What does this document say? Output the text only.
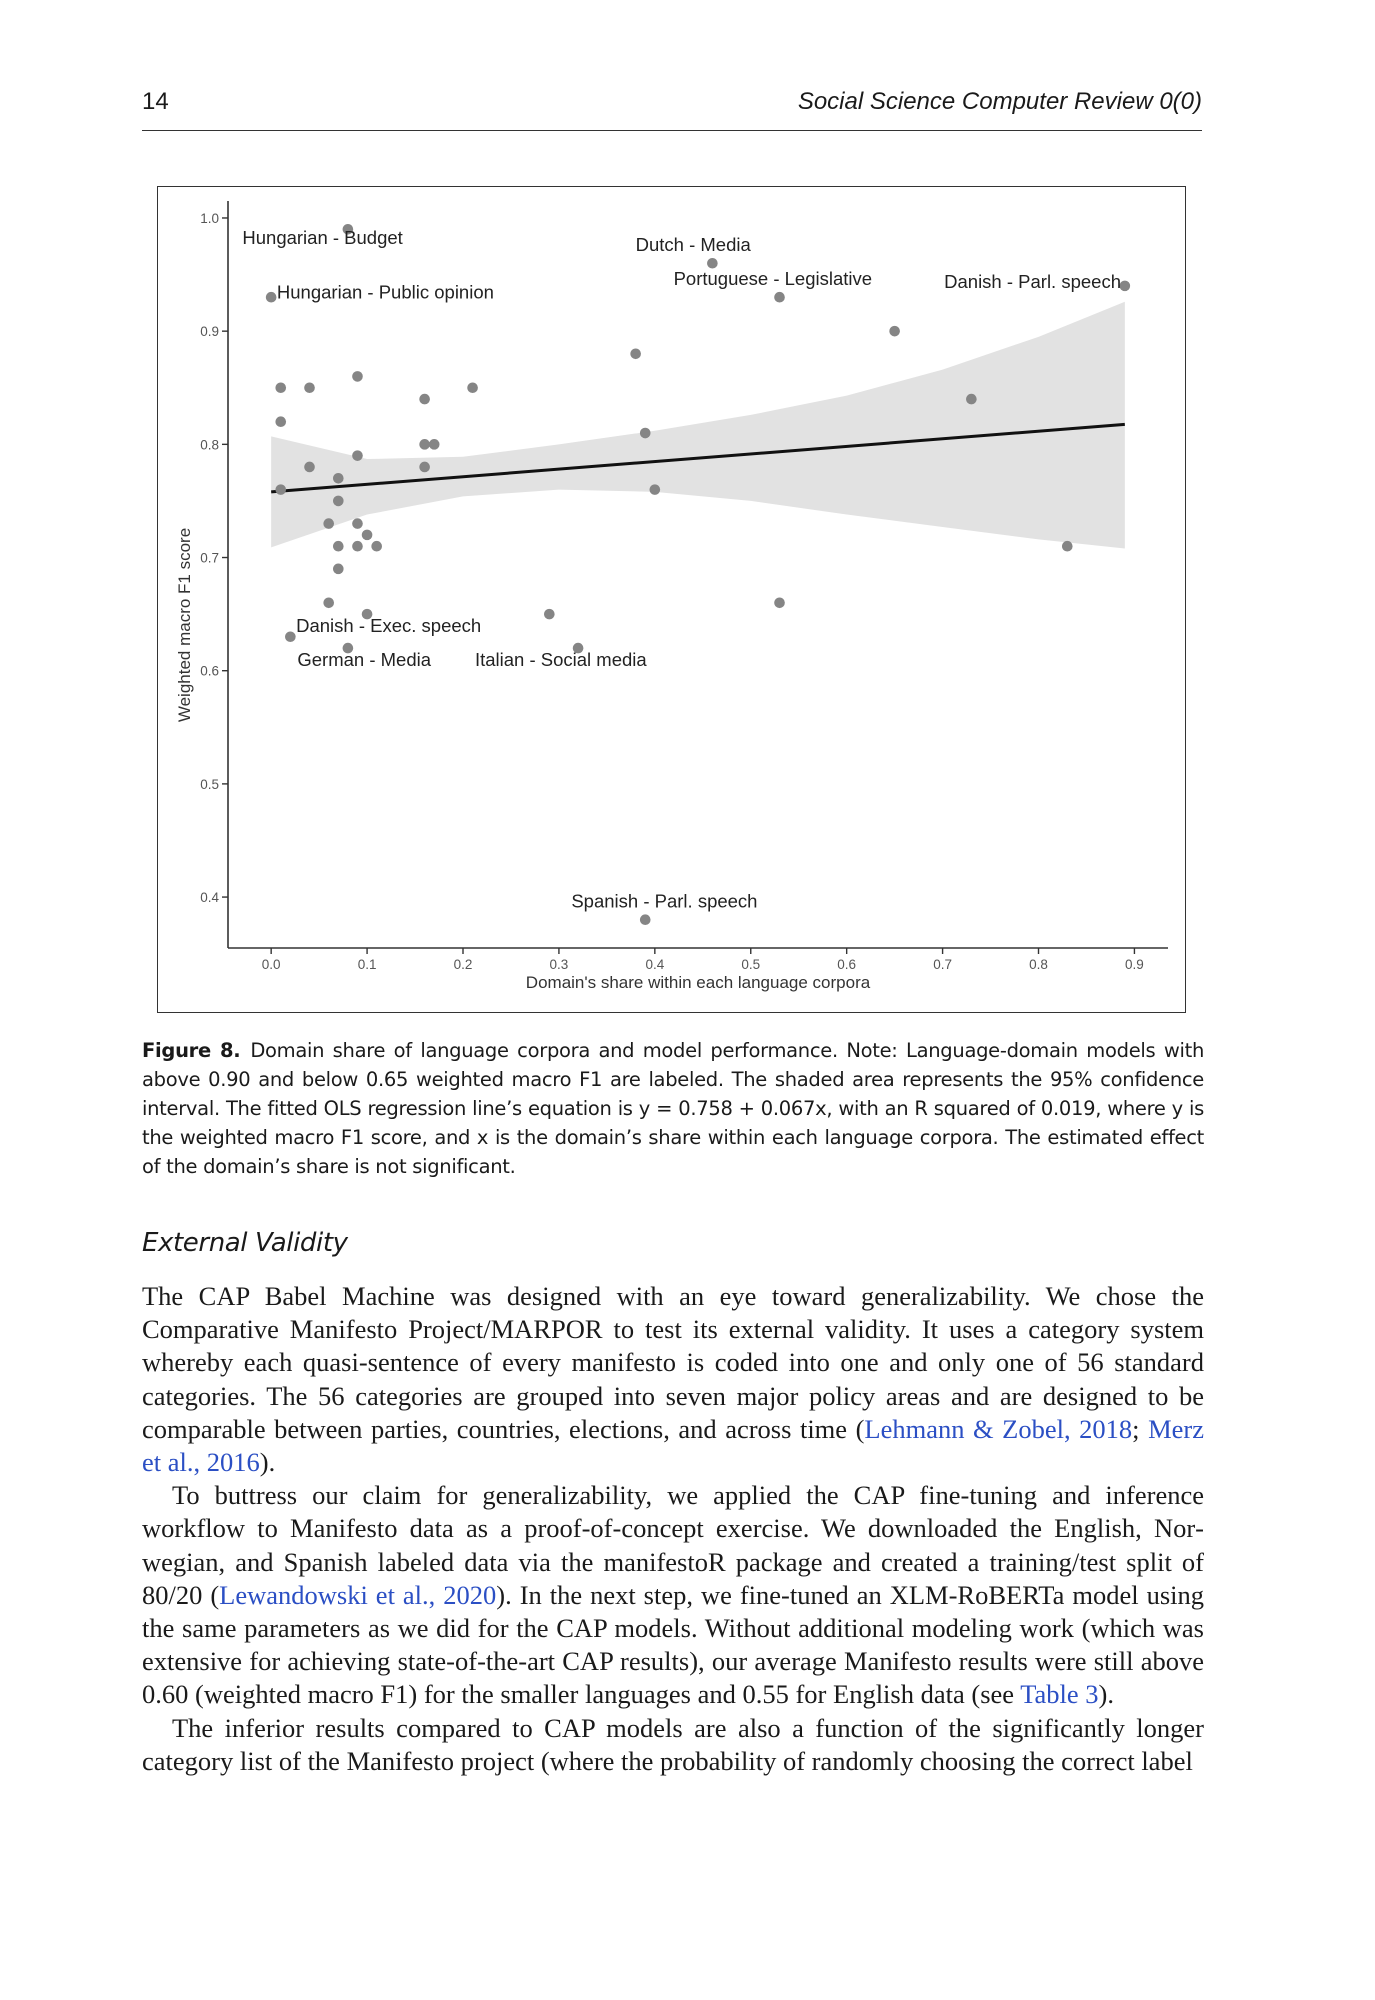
14	Social Science Computer Review 0(0)
0.4
0.5
0.6
0.7
0.8
0.9
1.0
0.0	0.1	0.2	0.3	0.4	0.5	0.6	0.7	0.8	0.9
Hungarian - Budget
Hungarian - Public opinion
Dutch - Media
Portuguese - Legislative	Danish - Parl. speech
Danish - Exec. speech
German - Media Italian - Social media
Spanish - Parl. speech
Domain's share within each language corpora
Weighted macro F1 score
Figure 8. Domain share of language corpora and model performance. Note: Language-domain models with above 0.90 and below 0.65 weighted macro F1 are labeled. The shaded area represents the 95% confidence interval. The fitted OLS regression line’s equation is y = 0.758 + 0.067x, with an R squared of 0.019, where y is the weighted macro F1 score, and x is the domain’s share within each language corpora. The estimated effect of the domain’s share is not significant.
External Validity

The CAP Babel Machine was designed with an eye toward generalizability. We chose the Comparative Manifesto Project/MARPOR to test its external validity. It uses a category system whereby each quasi-sentence of every manifesto is coded into one and only one of 56 standard categories. The 56 categories are grouped into seven major policy areas and are designed to be comparable between parties, countries, elections, and across time (Lehmann & Zobel, 2018; Merz et al., 2016).

To buttress our claim for generalizability, we applied the CAP fine-tuning and inference workflow to Manifesto data as a proof-of-concept exercise. We downloaded the English, Norwegian, and Spanish labeled data via the manifestoR package and created a training/test split of 80/20 (Lewandowski et al., 2020). In the next step, we fine-tuned an XLM-RoBERTa model using the same parameters as we did for the CAP models. Without additional modeling work (which was extensive for achieving state-of-the-art CAP results), our average Manifesto results were still above 0.60 (weighted macro F1) for the smaller languages and 0.55 for English data (see Table 3).

The inferior results compared to CAP models are also a function of the significantly longer category list of the Manifesto project (where the probability of randomly choosing the correct label
